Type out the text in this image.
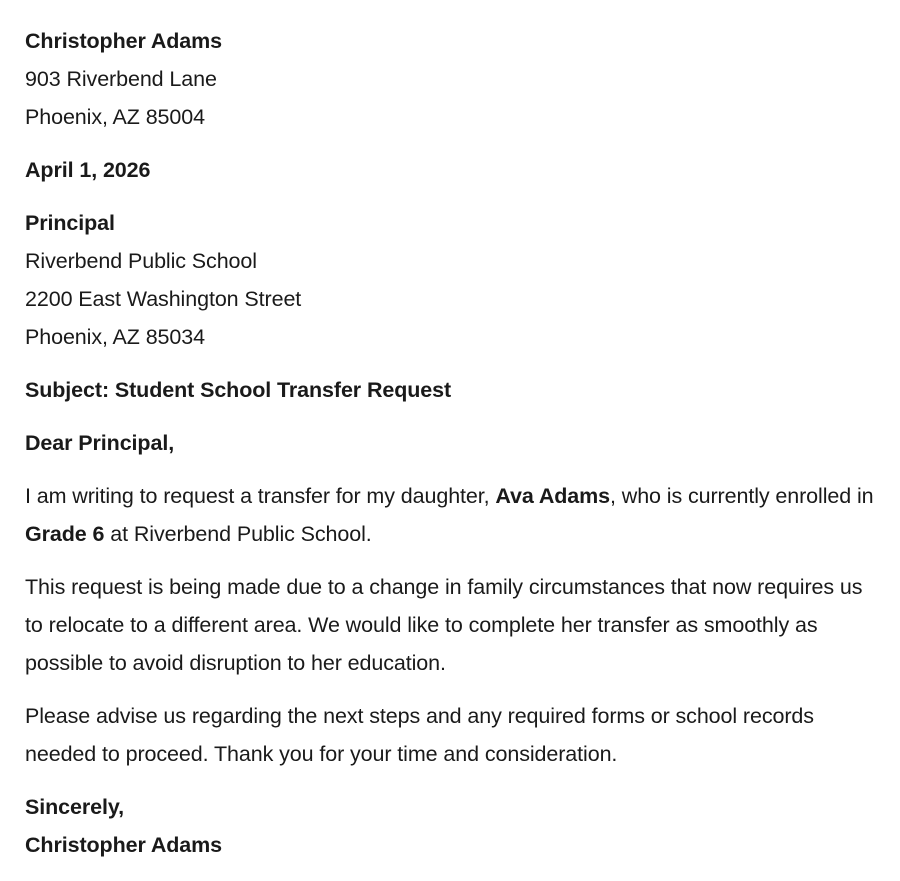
Christopher Adams
903 Riverbend Lane
Phoenix, AZ 85004
April 1, 2026
Principal
Riverbend Public School
2200 East Washington Street
Phoenix, AZ 85034
Subject: Student School Transfer Request
Dear Principal,

I am writing to request a transfer for my daughter, Ava Adams, who is currently enrolled in Grade 6 at Riverbend Public School.

This request is being made due to a change in family circumstances that now requires us to relocate to a different area. We would like to complete her transfer as smoothly as possible to avoid disruption to her education.

Please advise us regarding the next steps and any required forms or school records needed to proceed. Thank you for your time and consideration.

Sincerely,
Christopher Adams
